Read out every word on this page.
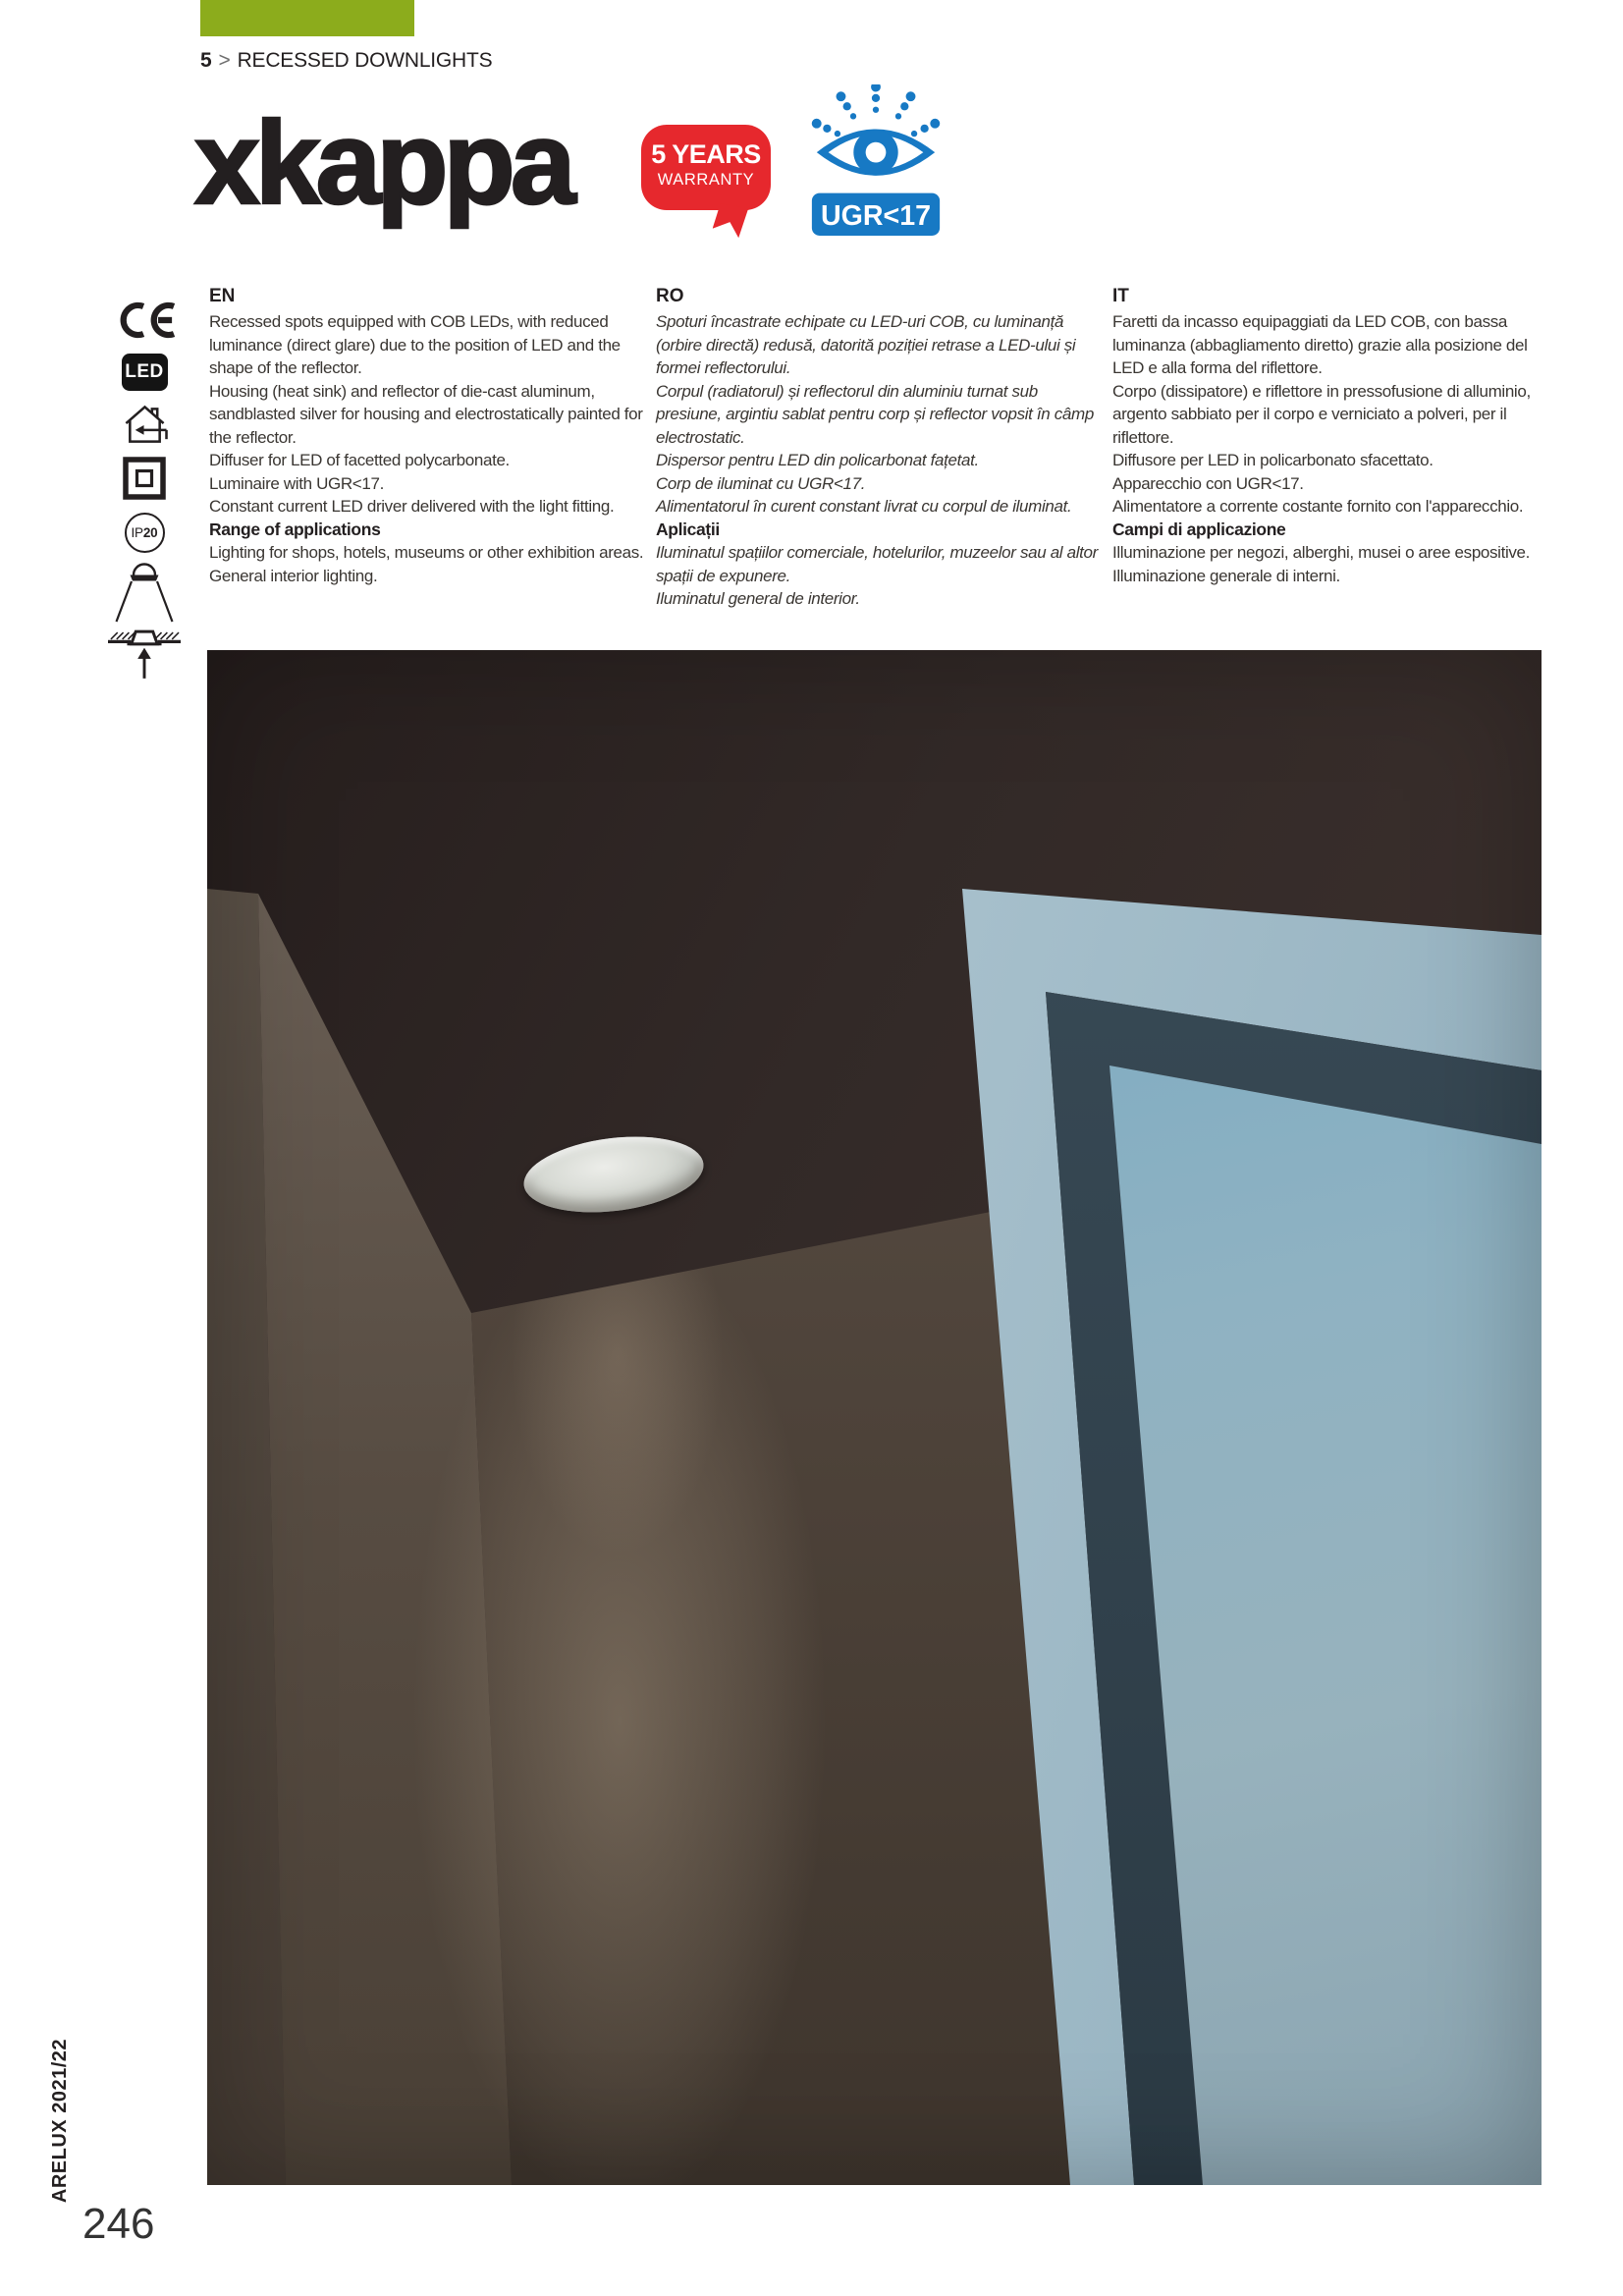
5 > RECESSED DOWNLIGHTS
xkappa	5 YEARS
WARRANTY
UGR<17
LED
IP 20
EN

Recessed spots equipped with COB LEDs, with reduced luminance (direct glare) due to the position of LED and the shape of the reflector.

Housing (heat sink) and reflector of die-cast aluminum, sandblasted silver for housing and electrostatically painted for the reflector.

Diffuser for LED of facetted polycarbonate.

Luminaire with UGR<17.

Constant current LED driver delivered with the light fitting.

Range of applications

Lighting for shops, hotels, museums or other exhibition areas.

General interior lighting.

RO

Spoturi încastrate echipate cu LED-uri COB, cu luminanță (orbire directă) redusă, datorită poziției retrase a LED-ului și formei reflectorului.

Corpul (radiatorul) și reflectorul din aluminiu turnat sub presiune, argintiu sablat pentru corp și reflector vopsit în câmp electrostatic.

Dispersor pentru LED din policarbonat fațetat.

Corp de iluminat cu UGR<17.

Alimentatorul în curent constant livrat cu corpul de iluminat.

Aplicații

Iluminatul spațiilor comerciale, hotelurilor, muzeelor sau al altor spații de expunere.

Iluminatul general de interior.

IT

Faretti da incasso equipaggiati da LED COB, con bassa luminanza (abbagliamento diretto) grazie alla posizione del LED e alla forma del riflettore.

Corpo (dissipatore) e riflettore in pressofusione di alluminio, argento sabbiato per il corpo e verniciato a polveri, per il riflettore.

Diffusore per LED in policarbonato sfacettato.

Apparecchio con UGR<17.

Alimentatore a corrente costante fornito con l'apparecchio.

Campi di applicazione

Illuminazione per negozi, alberghi, musei o aree espositive.

Illuminazione generale di interni.

ARELUX 2021/22
246
